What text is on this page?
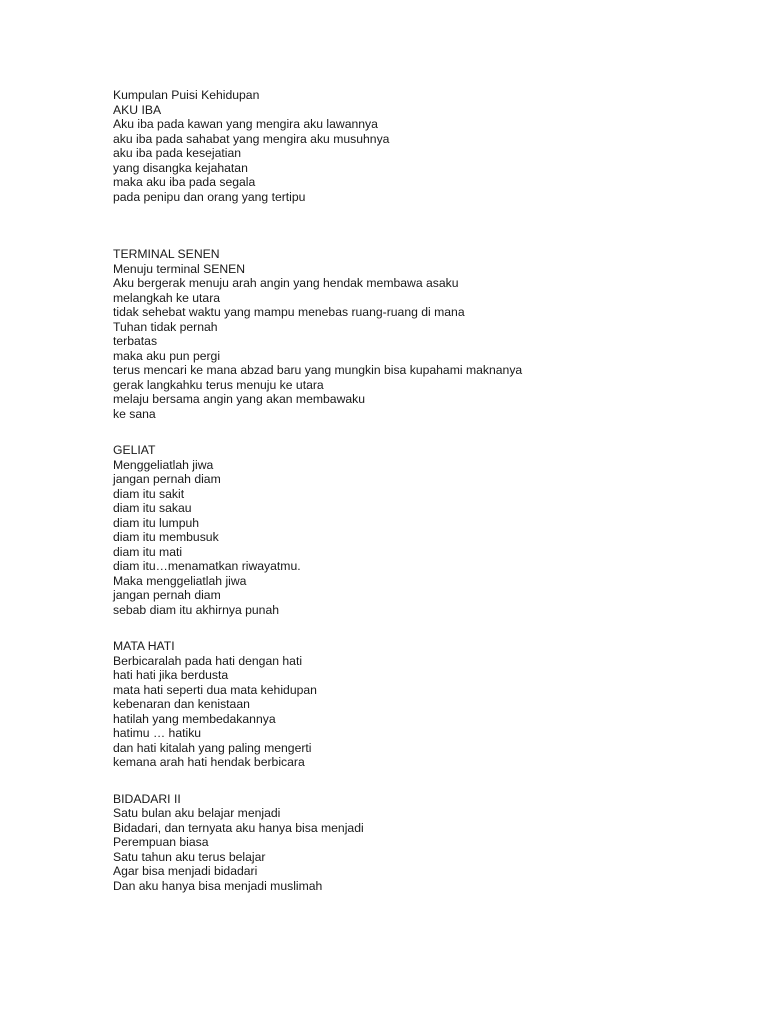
Kumpulan Puisi Kehidupan
AKU IBA
Aku iba pada kawan yang mengira aku lawannya
aku iba pada sahabat yang mengira aku musuhnya
aku iba pada kesejatian
yang disangka kejahatan
maka aku iba pada segala
pada penipu dan orang yang tertipu
TERMINAL SENEN
Menuju terminal SENEN
Aku bergerak menuju arah angin yang hendak membawa asaku
melangkah ke utara
tidak sehebat waktu yang mampu menebas ruang-ruang di mana
Tuhan tidak pernah
terbatas
maka aku pun pergi
terus mencari ke mana abzad baru yang mungkin bisa kupahami maknanya
gerak langkahku terus menuju ke utara
melaju bersama angin yang akan membawaku
ke sana
GELIAT
Menggeliatlah jiwa
jangan pernah diam
diam itu sakit
diam itu sakau
diam itu lumpuh
diam itu membusuk
diam itu mati
diam itu…menamatkan riwayatmu.
Maka menggeliatlah jiwa
jangan pernah diam
sebab diam itu akhirnya punah
MATA HATI
Berbicaralah pada hati dengan hati
hati hati jika berdusta
mata hati seperti dua mata kehidupan
kebenaran dan kenistaan
hatilah yang membedakannya
hatimu … hatiku
dan hati kitalah yang paling mengerti
kemana arah hati hendak berbicara
BIDADARI II
Satu bulan aku belajar menjadi
Bidadari, dan ternyata aku hanya bisa menjadi
Perempuan biasa
Satu tahun aku terus belajar
Agar bisa menjadi bidadari
Dan aku hanya bisa menjadi muslimah
